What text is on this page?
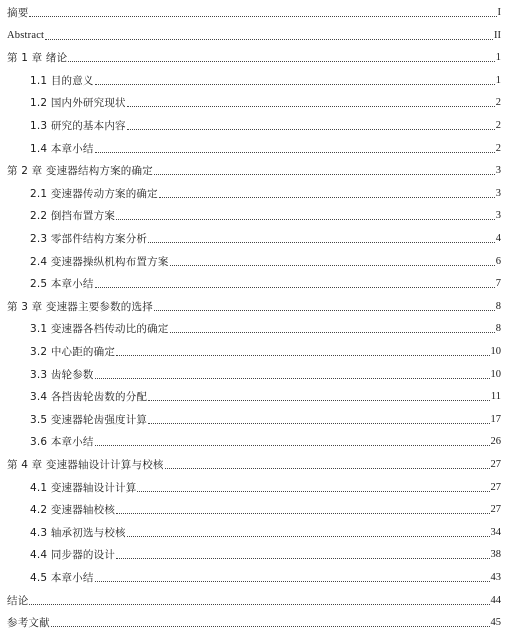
摘要	I
Abstract	II
第 1 章 绪论	1
1.1 目的意义	1
1.2 国内外研究现状	2
1.3 研究的基本内容	2
1.4 本章小结	2
第 2 章 变速器结构方案的确定	3
2.1 变速器传动方案的确定	3
2.2 倒挡布置方案	3
2.3 零部件结构方案分析	4
2.4 变速器操纵机构布置方案	6
2.5 本章小结	7
第 3 章 变速器主要参数的选择	8
3.1 变速器各档传动比的确定	8
3.2 中心距的确定	10
3.3 齿轮参数	10
3.4 各挡齿轮齿数的分配	11
3.5 变速器轮齿强度计算	17
3.6 本章小结	26
第 4 章 变速器轴设计计算与校核	27
4.1 变速器轴设计计算	27
4.2 变速器轴校核	27
4.3 轴承初选与校核	34
4.4 同步器的设计	38
4.5 本章小结	43
结论	44
参考文献	45
